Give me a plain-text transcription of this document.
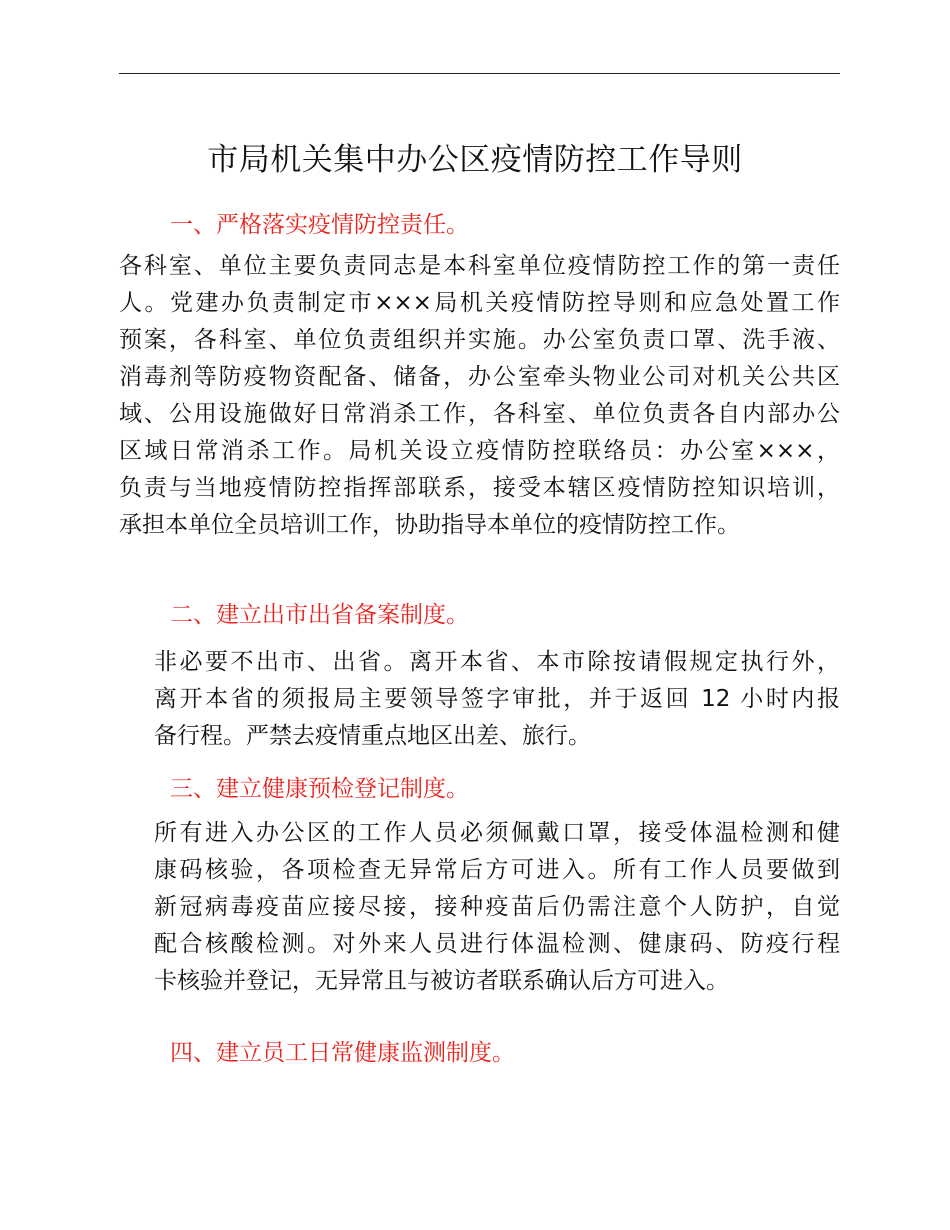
市局机关集中办公区疫情防控工作导则
一、严格落实疫情防控责任。
各科室、单位主要负责同志是本科室单位疫情防控工作的第一责任
人。党建办负责制定市×××局机关疫情防控导则和应急处置工作
预案，各科室、单位负责组织并实施。办公室负责口罩、洗手液、
消毒剂等防疫物资配备、储备，办公室牵头物业公司对机关公共区
域、公用设施做好日常消杀工作，各科室、单位负责各自内部办公
区域日常消杀工作。局机关设立疫情防控联络员：办公室×××，
负责与当地疫情防控指挥部联系，接受本辖区疫情防控知识培训，
承担本单位全员培训工作，协助指导本单位的疫情防控工作。
二、建立出市出省备案制度。
非必要不出市、出省。离开本省、本市除按请假规定执行外，
离开本省的须报局主要领导签字审批，并于返回 12 小时内报
备行程。严禁去疫情重点地区出差、旅行。
三、建立健康预检登记制度。
所有进入办公区的工作人员必须佩戴口罩，接受体温检测和健
康码核验，各项检查无异常后方可进入。所有工作人员要做到
新冠病毒疫苗应接尽接，接种疫苗后仍需注意个人防护，自觉
配合核酸检测。对外来人员进行体温检测、健康码、防疫行程
卡核验并登记，无异常且与被访者联系确认后方可进入。
四、建立员工日常健康监测制度。
